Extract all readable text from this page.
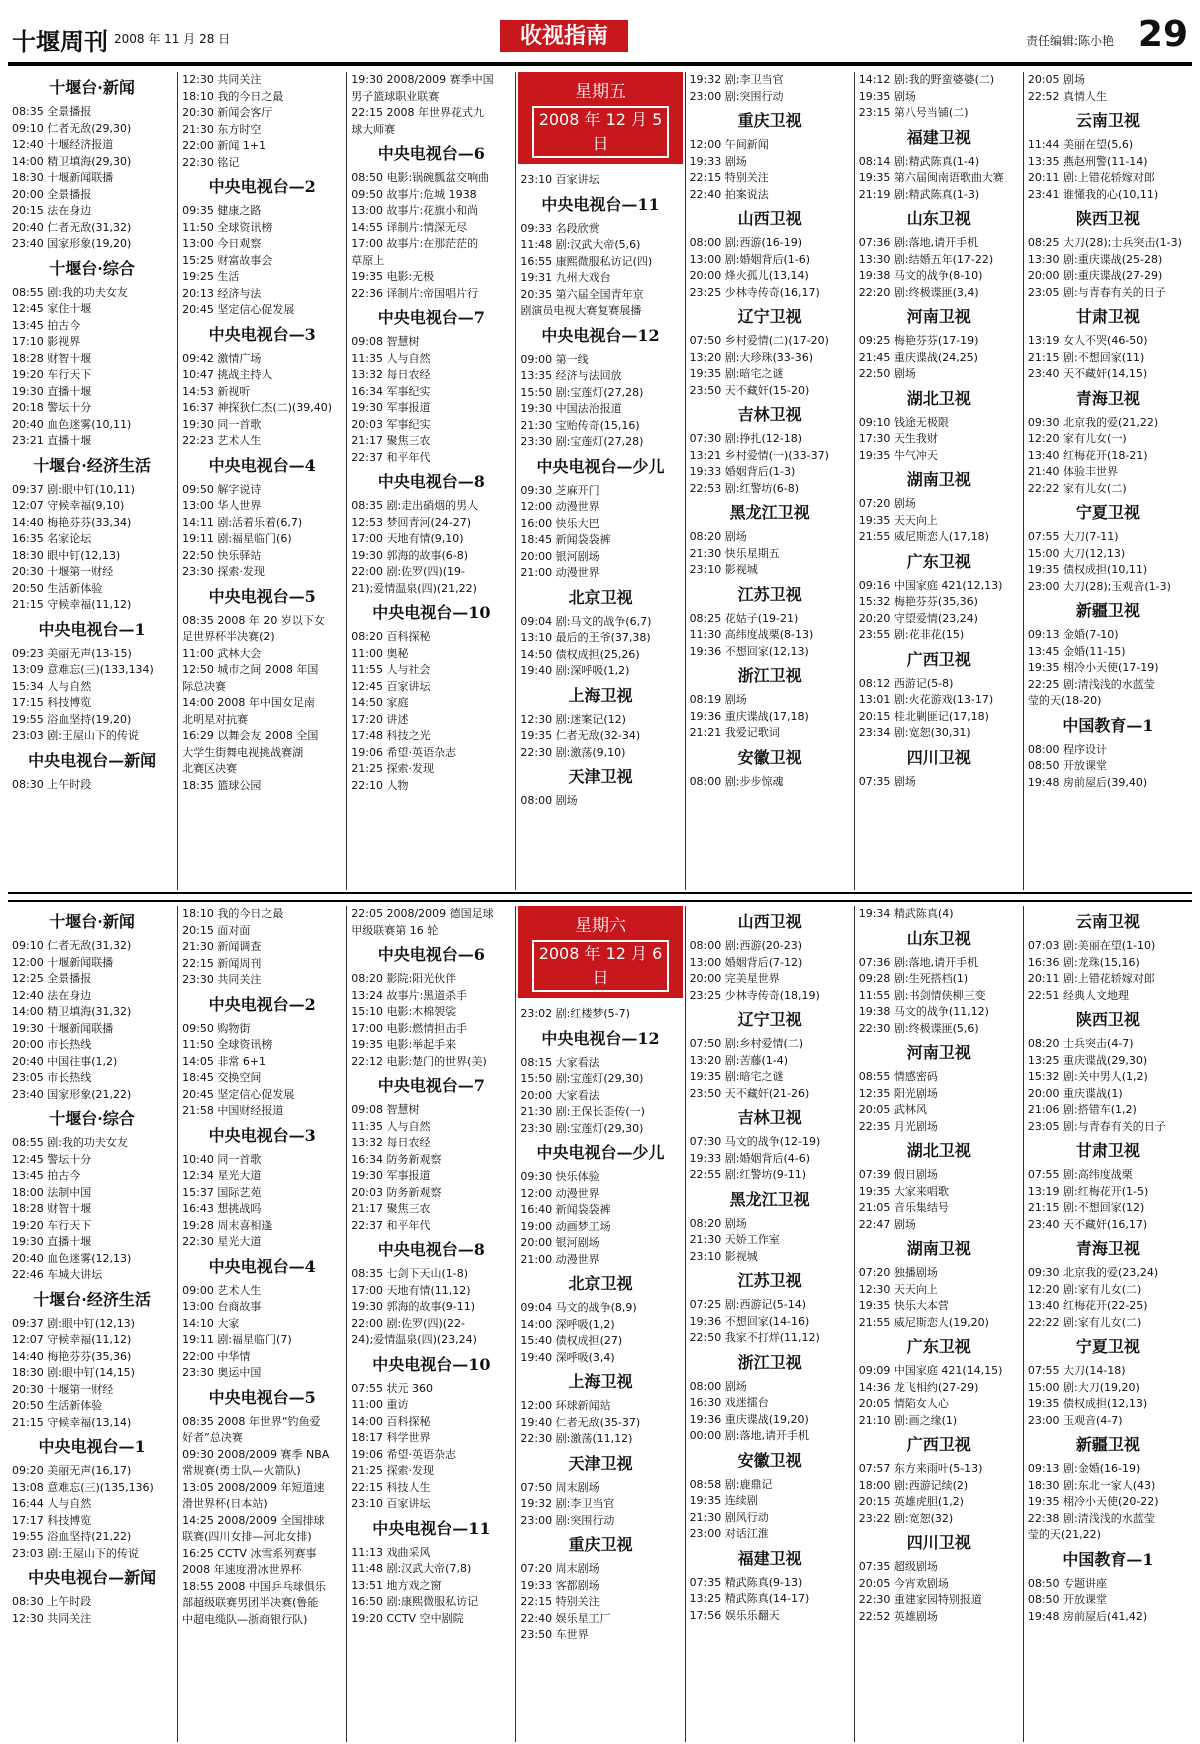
十堰周刊 2008 年 11 月 28 日	收视指南	责任编辑:陈小艳 29
十堰台·新闻
08:35 全景播报
09:10 仁者无敌(29,30)
12:40 十堰经济报道
14:00 精卫填海(29,30)
18:30 十堰新闻联播
20:00 全景播报
20:15 法在身边
20:40 仁者无敌(31,32)
23:40 国家形象(19,20)
十堰台·综合
08:55 剧:我的功夫女友
12:45 家住十堰
13:45 拍古今
17:10 影视界
18:28 财智十堰
19:20 车行天下
19:30 直播十堰
20:18 警坛十分
20:40 血色迷雾(10,11)
23:21 直播十堰
十堰台·经济生活
09:37 剧:眼中钉(10,11)
12:07 守候幸福(9,10)
14:40 梅艳芬芬(33,34)
16:35 名家论坛
18:30 眼中钉(12,13)
20:30 十堰第一财经
20:50 生活新体验
21:15 守候幸福(11,12)
中央电视台—1
09:23 美丽无声(13-15)
13:09 意难忘(三)(133,134)
15:34 人与自然
17:15 科技博览
19:55 浴血坚持(19,20)
23:03 剧:王屋山下的传说
中央电视台—新闻
08:30 上午时段
12:30 共同关注
18:10 我的今日之最
20:30 新闻会客厅
21:30 东方时空
22:00 新闻 1+1
22:30 铭记
中央电视台—2
09:35 健康之路
11:50 全球资讯榜
13:00 今日观察
15:25 财富故事会
19:25 生活
20:13 经济与法
20:45 坚定信心促发展
中央电视台—3
09:42 激情广场
10:47 挑战主持人
14:53 新视听
16:37 神探狄仁杰(二)(39,40)
19:30 同一首歌
22:23 艺术人生
中央电视台—4
09:50 解字说诗
13:00 华人世界
14:11 剧:活着乐着(6,7)
19:11 剧:福星临门(6)
22:50 快乐驿站
23:30 探索·发现
中央电视台—5
08:35 2008 年 20 岁以下女
足世界杯半决赛(2)
11:00 武林大会
12:50 城市之间 2008 年国
际总决赛
14:00 2008 年中国女足南
北明星对抗赛
16:29 以舞会友 2008 全国
大学生街舞电视挑战赛湖
北赛区决赛
18:35 篮球公园
19:30 2008/2009 赛季中国
男子篮球职业联赛
22:15 2008 年世界花式九
球大师赛
中央电视台—6
08:50 电影:锅碗瓢盆交响曲
09:50 故事片:危城 1938
13:00 故事片:花旗小和尚
14:55 译制片:情深无尽
17:00 故事片:在那茫茫的
草原上
19:35 电影:无极
22:36 译制片:帝国唱片行
中央电视台—7
09:08 智慧树
11:35 人与自然
13:32 每日农经
16:34 军事纪实
19:30 军事报道
20:03 军事纪实
21:17 聚焦三农
22:37 和平年代
中央电视台—8
08:35 剧:走出硝烟的男人
12:53 梦回青河(24-27)
17:00 天地有情(9,10)
19:30 郭海的故事(6-8)
22:00 剧:佐罗(四)(19-
21);爱情温泉(四)(21,22)
中央电视台—10
08:20 百科探秘
11:00 奥秘
11:55 人与社会
12:45 百家讲坛
14:50 家庭
17:20 讲述
17:48 科技之光
19:06 希望·英语杂志
21:25 探索·发现
22:10 人物
星期五
2008 年 12 月 5 日
23:10 百家讲坛
中央电视台—11
09:33 名段欣赏
11:48 剧:汉武大帝(5,6)
16:55 康熙微服私访记(四)
19:31 九州大戏台
20:35 第六届全国青年京
剧演员电视大赛复赛展播
中央电视台—12
09:00 第一线
13:35 经济与法回放
15:50 剧:宝莲灯(27,28)
19:30 中国法治报道
21:30 宝贻传奇(15,16)
23:30 剧:宝莲灯(27,28)
中央电视台—少儿
09:30 芝麻开门
12:00 动漫世界
16:00 快乐大巴
18:45 新闻袋袋裤
20:00 银河剧场
21:00 动漫世界
北京卫视
09:04 剧:马文的战争(6,7)
13:10 最后的王爷(37,38)
14:50 债权成担(25,26)
19:40 剧:深呼吸(1,2)
上海卫视
12:30 剧:迷案记(12)
19:35 仁者无敌(32-34)
22:30 剧:激荡(9,10)
天津卫视
08:00 剧场
19:32 剧:李卫当官
23:00 剧:突围行动
重庆卫视
12:00 午间新闻
19:33 剧场
22:15 特别关注
22:40 拍案说法
山西卫视
08:00 剧:西游(16-19)
13:00 剧:婚姻背后(1-6)
20:00 烽火孤儿(13,14)
23:25 少林寺传奇(16,17)
辽宁卫视
07:50 乡村爱情(二)(17-20)
13:20 剧:大珍珠(33-36)
19:35 剧:暗宅之谜
23:50 天不藏奸(15-20)
吉林卫视
07:30 剧:挣扎(12-18)
13:21 乡村爱情(一)(33-37)
19:33 婚姻背后(1-3)
22:53 剧:红警坊(6-8)
黑龙江卫视
08:20 剧场
21:30 快乐星期五
23:10 影视城
江苏卫视
08:25 花姑子(19-21)
11:30 高纬度战栗(8-13)
19:36 不想回家(12,13)
浙江卫视
08:19 剧场
19:36 重庆谍战(17,18)
21:21 我爱记歌词
安徽卫视
08:00 剧:步步惊魂
14:12 剧:我的野蛮婆婆(二)
19:35 剧场
23:15 第八号当铺(二)
福建卫视
08:14 剧:精武陈真(1-4)
19:35 第六届闽南语歌曲大赛
21:19 剧:精武陈真(1-3)
山东卫视
07:36 剧:落地,请开手机
13:30 剧:结婚五年(17-22)
19:38 马文的战争(8-10)
22:20 剧:终极谍匪(3,4)
河南卫视
09:25 梅艳芬芬(17-19)
21:45 重庆谍战(24,25)
22:50 剧场
湖北卫视
09:10 钱途无极限
17:30 天生我财
19:35 牛气冲天
湖南卫视
07:20 剧场
19:35 天天向上
21:55 威尼斯恋人(17,18)
广东卫视
09:16 中国家庭 421(12,13)
15:32 梅艳芬芬(35,36)
20:20 守望爱情(23,24)
23:55 剧:花非花(15)
广西卫视
08:12 西游记(5-8)
13:01 剧:火花游戏(13-17)
20:15 桂北剿匪记(17,18)
23:34 剧:宽恕(30,31)
四川卫视
07:35 剧场
20:05 剧场
22:52 真情人生
云南卫视
11:44 美丽在望(5,6)
13:35 燕赵刑警(11-14)
20:11 剧:上错花轿嫁对郎
23:41 谁懂我的心(10,11)
陕西卫视
08:25 大刀(28);士兵突击(1-3)
13:30 剧:重庆谍战(25-28)
20:00 剧:重庆谍战(27-29)
23:05 剧:与青春有关的日子
甘肃卫视
13:19 女人不哭(46-50)
21:15 剧:不想回家(11)
23:40 天不藏奸(14,15)
青海卫视
09:30 北京我的爱(21,22)
12:20 家有儿女(一)
13:40 红梅花开(18-21)
21:40 体验丰世界
22:22 家有儿女(二)
宁夏卫视
07:55 大刀(7-11)
15:00 大刀(12,13)
19:35 债权成担(10,11)
23:00 大刀(28);玉观音(1-3)
新疆卫视
09:13 金婚(7-10)
13:45 金婚(11-15)
19:35 栩冷小天使(17-19)
22:25 剧:清浅浅的水蓝莹
莹的天(18-20)
中国教育—1
08:00 程序设计
08:50 开放课堂
19:48 房前屋后(39,40)
十堰台·新闻
09:10 仁者无敌(31,32)
12:00 十堰新闻联播
12:25 全景播报
12:40 法在身边
14:00 精卫填海(31,32)
19:30 十堰新闻联播
20:00 市长热线
20:40 中国往事(1,2)
23:05 市长热线
23:40 国家形象(21,22)
十堰台·综合
08:55 剧:我的功夫女友
12:45 警坛十分
13:45 拍古今
18:00 法制中国
18:28 财智十堰
19:20 车行天下
19:30 直播十堰
20:40 血色迷雾(12,13)
22:46 车城大讲坛
十堰台·经济生活
09:37 剧:眼中钉(12,13)
12:07 守候幸福(11,12)
14:40 梅艳芬芬(35,36)
18:30 剧:眼中钉(14,15)
20:30 十堰第一财经
20:50 生活新体验
21:15 守候幸福(13,14)
中央电视台—1
09:20 美丽无声(16,17)
13:08 意难忘(三)(135,136)
16:44 人与自然
17:17 科技博览
19:55 浴血坚持(21,22)
23:03 剧:王屋山下的传说
中央电视台—新闻
08:30 上午时段
12:30 共同关注
18:10 我的今日之最
20:15 面对面
21:30 新闻调查
22:15 新闻周刊
23:30 共同关注
中央电视台—2
09:50 购物街
11:50 全球资讯榜
14:05 非常 6+1
18:45 交换空间
20:45 坚定信心促发展
21:58 中国财经报道
中央电视台—3
10:40 同一首歌
12:34 星光大道
15:37 国际艺苑
16:43 想挑战吗
19:28 周末喜相逢
22:30 星光大道
中央电视台—4
09:00 艺术人生
13:00 台商故事
14:10 大家
19:11 剧:福星临门(7)
22:00 中华情
23:30 奥运中国
中央电视台—5
08:35 2008 年世界“钓鱼爱
好者”总决赛
09:30 2008/2009 赛季 NBA
常规赛(勇士队—火箭队)
13:05 2008/2009 年短道速
滑世界杯(日本站)
14:25 2008/2009 全国排球
联赛(四川女排—河北女排)
16:25 CCTV 冰雪系列赛事
2008 年速度滑冰世界杯
18:55 2008 中国乒乓球俱乐
部超级联赛男团半决赛(鲁能
中超电缆队—浙商银行队)
22:05 2008/2009 德国足球
甲级联赛第 16 轮
中央电视台—6
08:20 影院:阳光伙伴
13:24 故事片:黑道杀手
15:10 电影:木棉袈裟
17:00 电影:燃情担击手
19:35 电影:举起手来
22:12 电影:楚门的世界(美)
中央电视台—7
09:08 智慧树
11:35 人与自然
13:32 每日农经
16:34 防务新观察
19:30 军事报道
20:03 防务新观察
21:17 聚焦三农
22:37 和平年代
中央电视台—8
08:35 七剑下天山(1-8)
17:00 天地有情(11,12)
19:30 郭海的故事(9-11)
22:00 剧:佐罗(四)(22-
24);爱情温泉(四)(23,24)
中央电视台—10
07:55 状元 360
11:00 重访
14:00 百科探秘
18:17 科学世界
19:06 希望·英语杂志
21:25 探索·发现
22:15 科技人生
23:10 百家讲坛
中央电视台—11
11:13 戏曲采风
11:48 剧:汉武大帝(7,8)
13:51 地方戏之窗
16:50 剧:康熙微服私访记
19:20 CCTV 空中剧院
星期六
2008 年 12 月 6 日
23:02 剧:红楼梦(5-7)
中央电视台—12
08:15 大家看法
15:50 剧:宝莲灯(29,30)
20:00 大家看法
21:30 剧:王保长歪传(一)
23:30 剧:宝莲灯(29,30)
中央电视台—少儿
09:30 快乐体验
12:00 动漫世界
16:40 新闻袋袋裤
19:00 动画梦工场
20:00 银河剧场
21:00 动漫世界
北京卫视
09:04 马文的战争(8,9)
14:00 深呼吸(1,2)
15:40 债权成担(27)
19:40 深呼吸(3,4)
上海卫视
12:00 环球新闻站
19:40 仁者无敌(35-37)
22:30 剧:激荡(11,12)
天津卫视
07:50 周末剧场
19:32 剧:李卫当官
23:00 剧:突围行动
重庆卫视
07:20 周末剧场
19:33 客都剧场
22:15 特别关注
22:40 娱乐星工厂
23:50 车世界
山西卫视
08:00 剧:西游(20-23)
13:00 婚姻背后(7-12)
20:00 完美星世界
23:25 少林寺传奇(18,19)
辽宁卫视
07:50 剧:乡村爱情(二)
13:20 剧:苦藤(1-4)
19:35 剧:暗宅之谜
23:50 天不藏奸(21-26)
吉林卫视
07:30 马文的战争(12-19)
19:33 剧:婚姻背后(4-6)
22:55 剧:红警坊(9-11)
黑龙江卫视
08:20 剧场
21:30 天娇工作室
23:10 影视城
江苏卫视
07:25 剧:西游记(5-14)
19:36 不想回家(14-16)
22:50 我家不打烊(11,12)
浙江卫视
08:00 剧场
16:30 戏迷擂台
19:36 重庆谍战(19,20)
00:00 剧:落地,请开手机
安徽卫视
08:58 剧:鹿鼎记
19:35 连续剧
21:30 剧风行动
23:00 对话江淮
福建卫视
07:35 精武陈真(9-13)
13:25 精武陈真(14-17)
17:56 娱乐乐翻天
19:34 精武陈真(4)
山东卫视
07:36 剧:落地,请开手机
09:28 剧:生死搭档(1)
11:55 剧:书剑情侠柳三变
19:38 马文的战争(11,12)
22:30 剧:终极谍匪(5,6)
河南卫视
08:55 情感密码
12:35 阳光剧场
20:05 武林风
22:35 月光剧场
湖北卫视
07:39 假日剧场
19:35 大家来唱歌
21:05 音乐集结号
22:47 剧场
湖南卫视
07:20 独播剧场
12:30 天天向上
19:35 快乐大本营
21:55 威尼斯恋人(19,20)
广东卫视
09:09 中国家庭 421(14,15)
14:36 龙飞相约(27-29)
20:05 情陷女人心
21:10 剧:画之缘(1)
广西卫视
07:57 东方来雨叶(5-13)
18:00 剧:西游记续(2)
20:15 英雄虎胆(1,2)
23:22 剧:宽恕(32)
四川卫视
07:35 超级剧场
20:05 今宵欢剧场
22:30 重建家园特别报道
22:52 英雄剧场
云南卫视
07:03 剧:美丽在望(1-10)
16:36 剧:龙珠(15,16)
20:11 剧:上错花轿嫁对郎
22:51 经典人文地理
陕西卫视
08:20 士兵突击(4-7)
13:25 重庆谍战(29,30)
15:32 剧:关中男人(1,2)
20:00 重庆谍战(1)
21:06 剧:搭错车(1,2)
23:05 剧:与青春有关的日子
甘肃卫视
07:55 剧:高纬度战栗
13:19 剧:红梅花开(1-5)
21:15 剧:不想回家(12)
23:40 天不藏奸(16,17)
青海卫视
09:30 北京我的爱(23,24)
12:20 剧:家有儿女(二)
13:40 红梅花开(22-25)
22:22 剧:家有儿女(二)
宁夏卫视
07:55 大刀(14-18)
15:00 剧:大刀(19,20)
19:35 债权成担(12,13)
23:00 玉观音(4-7)
新疆卫视
09:13 剧:金婚(16-19)
18:30 剧:东北一家人(43)
19:35 栩冷小天使(20-22)
22:38 剧:清浅浅的水蓝莹
莹的天(21,22)
中国教育—1
08:50 专题讲座
08:50 开放课堂
19:48 房前屋后(41,42)
